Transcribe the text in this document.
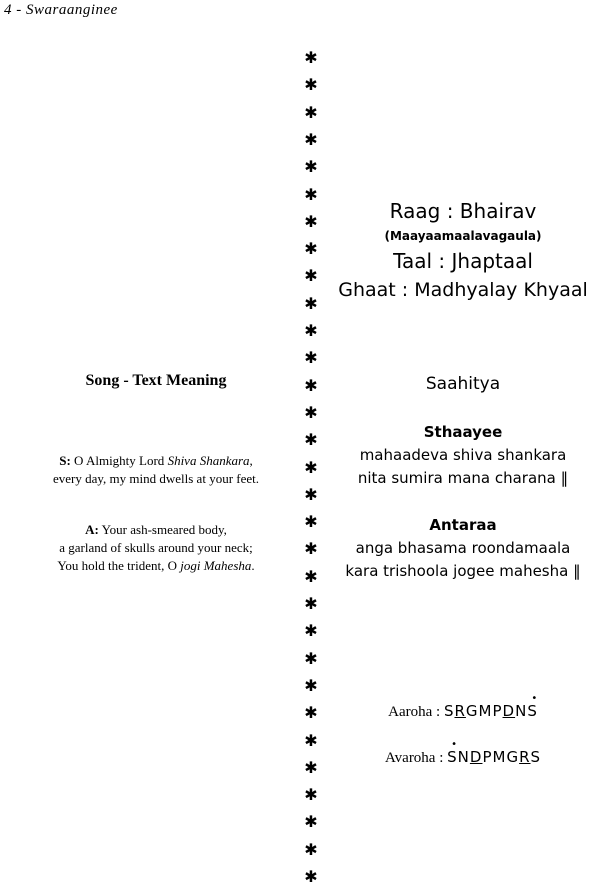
4 - Swaraanginee
✱
✱
✱
✱
✱
✱
✱
✱
✱
✱
✱
✱
✱
✱
✱
✱
✱
✱
✱
✱
✱
✱
✱
✱
✱
✱
✱
✱
✱
✱
✱
Raag : Bhairav
(Maayaamaalavagaula)
Taal : Jhaptaal
Ghaat : Madhyalay Khyaal
Song - Text Meaning
S: O Almighty Lord Shiva Shankara,
every day, my mind dwells at your feet.
A: Your ash-smeared body,
a garland of skulls around your neck;
You hold the trident, O jogi Mahesha.
Saahitya
Sthaayee
mahaadeva shiva shankara
nita sumira mana charana ‖
Antaraa
anga bhasama roondamaala
kara trishoola jogee mahesha ‖
Aaroha : SRGMPDN
•
S
Avaroha :
•
SNDPMGRS
